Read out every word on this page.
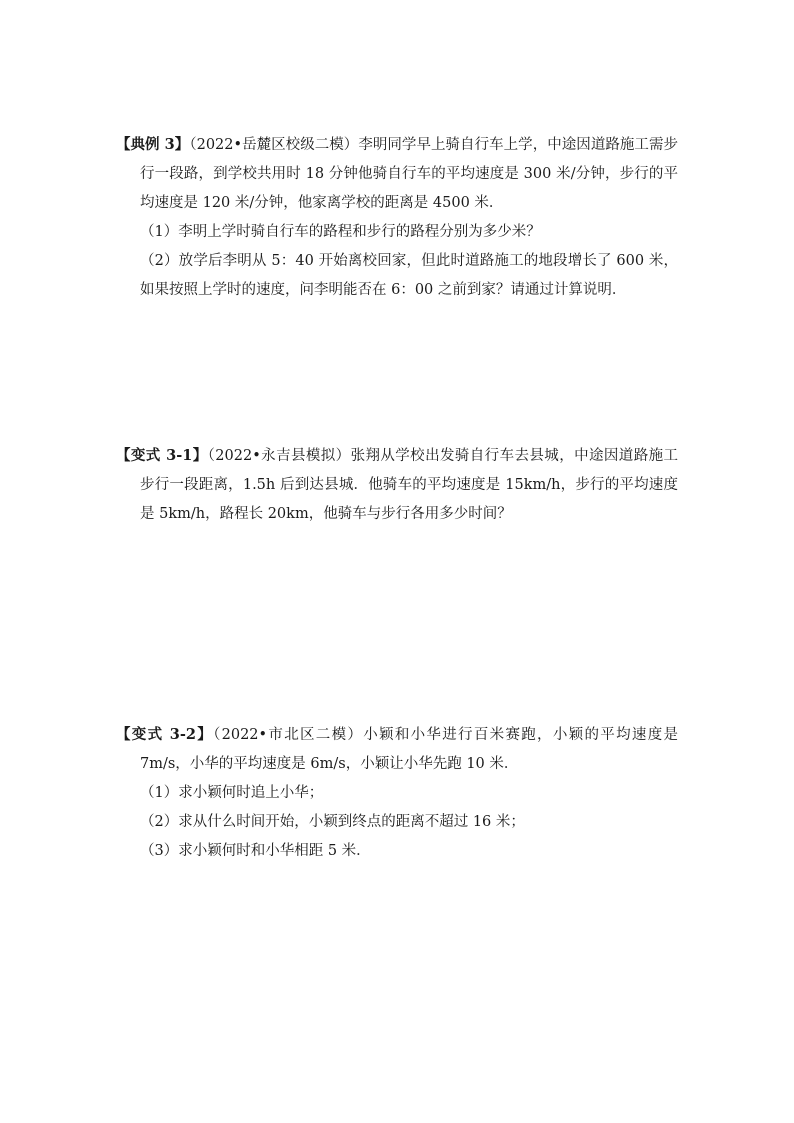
【典例 3】（2022•岳麓区校级二模）李明同学早上骑自行车上学，中途因道路施工需步行一段路，到学校共用时 18 分钟他骑自行车的平均速度是 300 米/分钟，步行的平均速度是 120 米/分钟，他家离学校的距离是 4500 米．

（1）李明上学时骑自行车的路程和步行的路程分别为多少米？

（2）放学后李明从 5：40 开始离校回家，但此时道路施工的地段增长了 600 米，如果按照上学时的速度，问李明能否在 6：00 之前到家？请通过计算说明．

【变式 3-1】（2022•永吉县模拟）张翔从学校出发骑自行车去县城，中途因道路施工步行一段距离，1.5h 后到达县城．他骑车的平均速度是 15km/h，步行的平均速度是 5km/h，路程长 20km，他骑车与步行各用多少时间？

【变式 3-2】（2022•市北区二模）小颖和小华进行百米赛跑，小颖的平均速度是 7m/s，小华的平均速度是 6m/s，小颖让小华先跑 10 米．

（1）求小颖何时追上小华；

（2）求从什么时间开始，小颖到终点的距离不超过 16 米；

（3）求小颖何时和小华相距 5 米．
